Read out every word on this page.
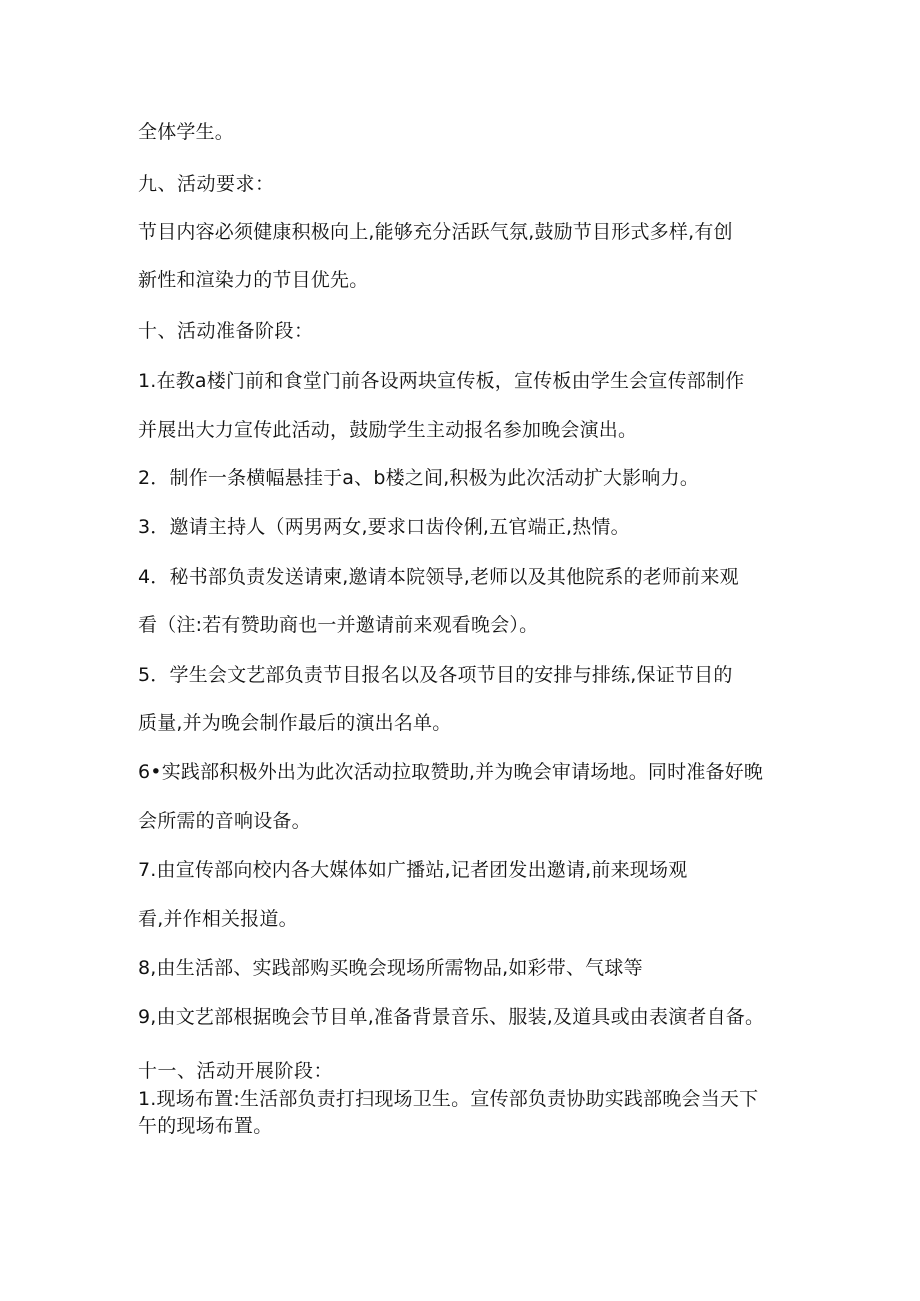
全体学生。
九、活动要求：
节目内容必须健康积极向上,能够充分活跃气氛,鼓励节目形式多样,有创
新性和渲染力的节目优先。
十、活动准备阶段：
1.在教a楼门前和食堂门前各设两块宣传板，宣传板由学生会宣传部制作
并展出大力宣传此活动，鼓励学生主动报名参加晚会演出。
2．制作一条横幅悬挂于a、b楼之间,积极为此次活动扩大影响力。
3．邀请主持人（两男两女,要求口齿伶俐,五官端正,热情。
4．秘书部负责发送请柬,邀请本院领导,老师以及其他院系的老师前来观
看（注:若有赞助商也一并邀请前来观看晚会）。
5．学生会文艺部负责节目报名以及各项节目的安排与排练,保证节目的
质量,并为晚会制作最后的演出名单。
6•实践部积极外出为此次活动拉取赞助,并为晚会审请场地。同时准备好晚
会所需的音响设备。
7.由宣传部向校内各大媒体如广播站,记者团发出邀请,前来现场观
看,并作相关报道。
8,由生活部、实践部购买晚会现场所需物品,如彩带、气球等
9,由文艺部根据晚会节目单,准备背景音乐、服装,及道具或由表演者自备。
十一、活动开展阶段：
1.现场布置:生活部负责打扫现场卫生。宣传部负责协助实践部晚会当天下
午的现场布置。
